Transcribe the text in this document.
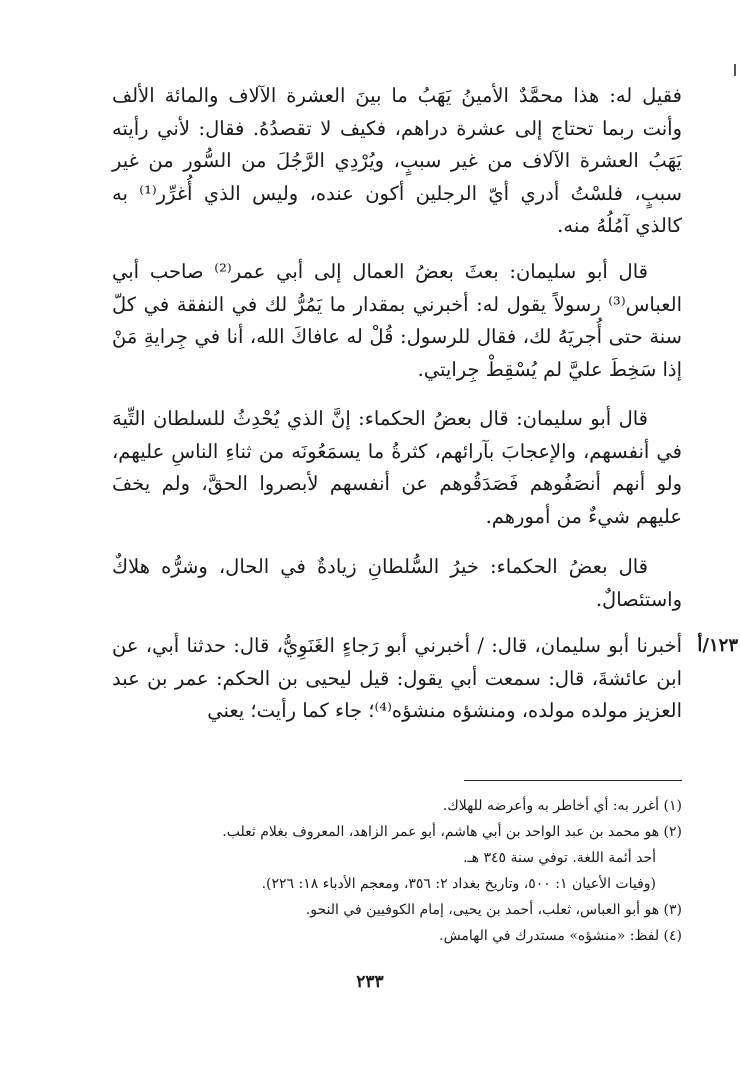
فقيل له: هذا محمَّدٌ الأمينُ يَهَبُ ما بينَ العشرة الآلاف والمائة الألف وأنت ربما تحتاج إلى عشرة دراهم، فكيف لا تقصدُهُ. فقال: لأني رأيته يَهَبُ العشرة الآلاف من غير سببٍ، ويُرْدِي الرَّجُلَ من السُّور من غير سببٍ، فلسْتُ أدري أيّ الرجلين أكون عنده، وليس الذي أُغرِّر⁽¹⁾ به كالذي آمُلُهُ منه.

قال أبو سليمان: بعثَ بعضُ العمال إلى أبي عمر⁽²⁾ صاحب أبي العباس⁽³⁾ رسولاً يقول له: أخبرني بمقدار ما يَمُرُّ لك في النفقة في كلّ سنة حتى أُجريَهُ لك، فقال للرسول: قُلْ له عافاكَ الله، أنا في جِرايةِ مَنْ إذا سَخِطَ عليَّ لم يُسْقِطْ جِرايتي.

قال أبو سليمان: قال بعضُ الحكماء: إنَّ الذي يُحْدِثُ للسلطان التِّيهَ في أنفسهم، والإعجابَ بآرائهم، كثرةُ ما يسمَعُونَه من ثناءِ الناسِ عليهم، ولو أنهم أنصَفُوهم فَصَدَقُوهم عن أنفسهم لأبصروا الحقَّ، ولم يخفَ عليهم شيءٌ من أمورهم.

قال بعضُ الحكماء: خيرُ السُّلطانِ زيادةٌ في الحال، وشرُّه هلاكٌ واستئصالٌ.

أخبرنا أبو سليمان، قال: / أخبرني أبو رَجاءٍ الغَنَوِيُّ، قال: حدثنا أبي، عن ابن عائشةَ، قال: سمعت أبي يقول: قيل ليحيى بن الحكم: عمر بن عبد العزيز مولده مولده، ومنشؤه منشؤه⁽⁴⁾؛ جاء كما رأيت؛ يعني

١٢٣/أ

(١) أغرر به: أي أخاطر به وأعرضه للهلاك.

(٢) هو محمد بن عبد الواحد بن أبي هاشم، أبو عمر الزاهد، المعروف بغلام ثعلب.

أحد أئمة اللغة. توفي سنة ٣٤٥ هـ.

(وفيات الأعيان ١: ٥٠٠، وتاريخ بغداد ٢: ٣٥٦، ومعجم الأدباء ١٨: ٢٢٦).

(٣) هو أبو العباس، ثعلب، أحمد بن يحيى، إمام الكوفيين في النحو.

(٤) لفظ: «منشؤه» مستدرك في الهامش.

٢٣٣
